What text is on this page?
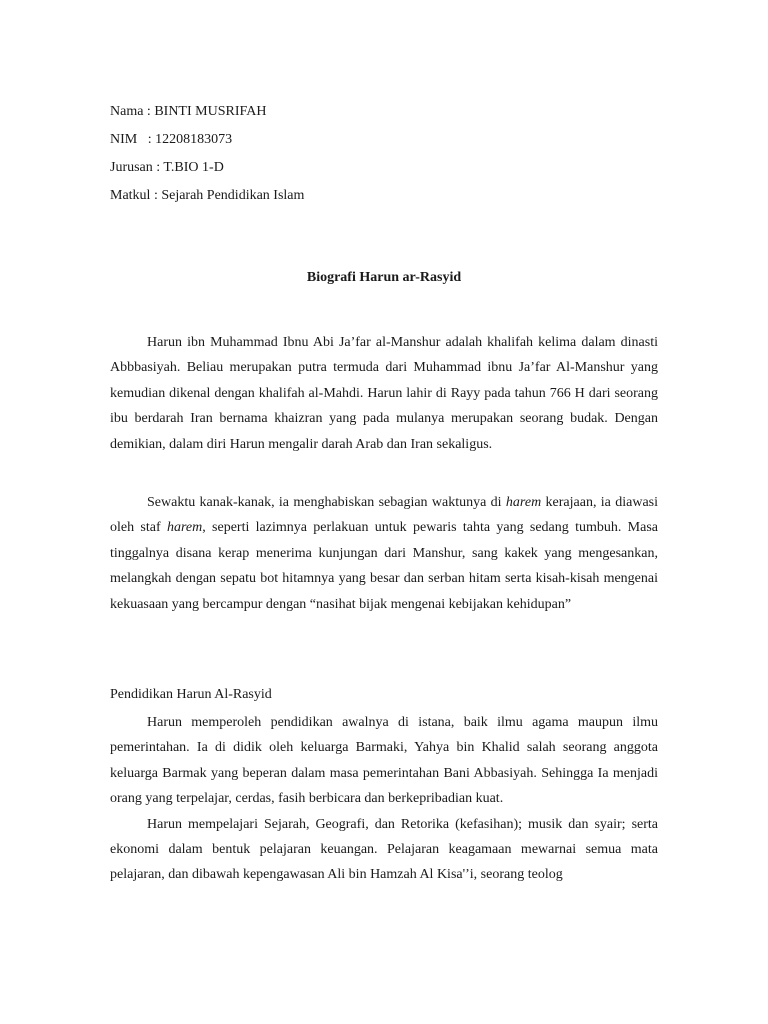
Nama : BINTI MUSRIFAH
NIM   : 12208183073
Jurusan : T.BIO 1-D
Matkul : Sejarah Pendidikan Islam
Biografi Harun ar-Rasyid

Harun ibn Muhammad Ibnu Abi Ja’far al-Manshur adalah khalifah kelima dalam dinasti Abbbasiyah. Beliau merupakan putra termuda dari Muhammad ibnu Ja’far Al-Manshur yang kemudian dikenal dengan khalifah al-Mahdi. Harun lahir di Rayy pada tahun 766 H dari seorang ibu berdarah Iran bernama khaizran yang pada mulanya merupakan seorang budak. Dengan demikian, dalam diri Harun mengalir darah Arab dan Iran sekaligus.

Sewaktu kanak-kanak, ia menghabiskan sebagian waktunya di harem kerajaan, ia diawasi oleh staf harem, seperti lazimnya perlakuan untuk pewaris tahta yang sedang tumbuh. Masa tinggalnya disana kerap menerima kunjungan dari Manshur, sang kakek yang mengesankan, melangkah dengan sepatu bot hitamnya yang besar dan serban hitam serta kisah-kisah mengenai kekuasaan yang bercampur dengan “nasihat bijak mengenai kebijakan kehidupan”

Pendidikan Harun Al-Rasyid

Harun memperoleh pendidikan awalnya di istana, baik ilmu agama maupun ilmu pemerintahan. Ia di didik oleh keluarga Barmaki, Yahya bin Khalid salah seorang anggota keluarga Barmak yang beperan dalam masa pemerintahan Bani Abbasiyah. Sehingga Ia menjadi orang yang terpelajar, cerdas, fasih berbicara dan berkepribadian kuat.

Harun mempelajari Sejarah, Geografi, dan Retorika (kefasihan); musik dan syair; serta ekonomi dalam bentuk pelajaran keuangan. Pelajaran keagamaan mewarnai semua mata pelajaran, dan dibawah kepengawasan Ali bin Hamzah Al Kisa'’i, seorang teolog
